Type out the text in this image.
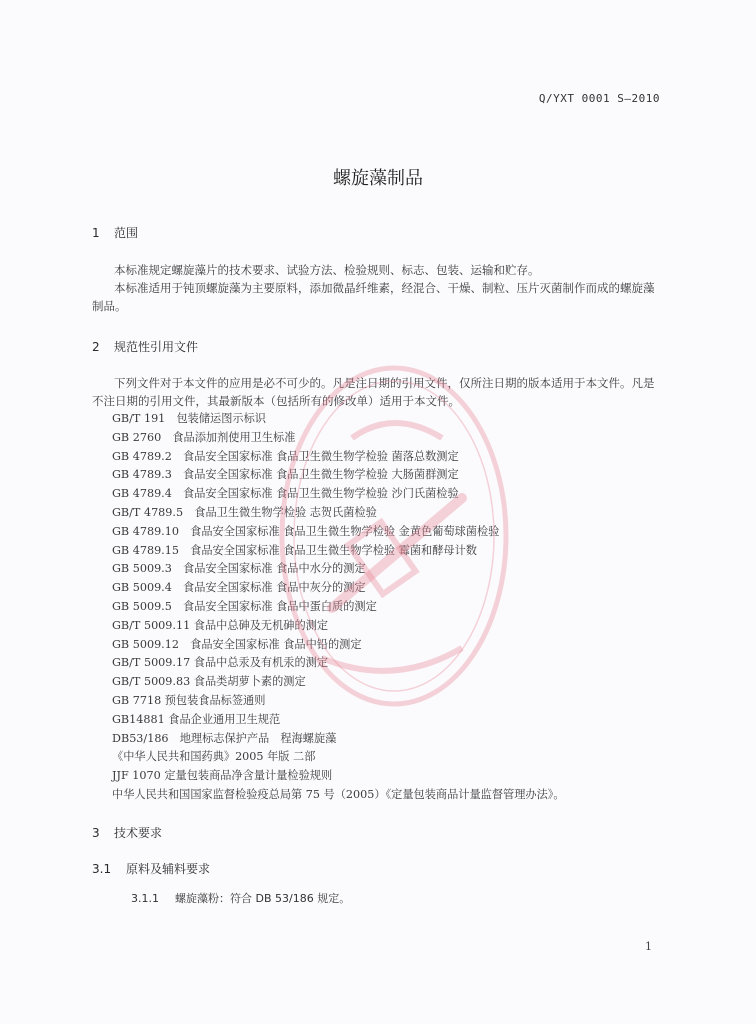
Q/YXT 0001 S—2010
螺旋藻制品
1 范围
本标准规定螺旋藻片的技术要求、试验方法、检验规则、标志、包装、运输和贮存。
本标准适用于钝顶螺旋藻为主要原料，添加微晶纤维素，经混合、干燥、制粒、压片灭菌制作而成的螺旋藻制品。
2 规范性引用文件
下列文件对于本文件的应用是必不可少的。凡是注日期的引用文件，仅所注日期的版本适用于本文件。凡是不注日期的引用文件，其最新版本（包括所有的修改单）适用于本文件。
GB/T 191　包装储运图示标识
GB 2760　食品添加剂使用卫生标准
GB 4789.2　食品安全国家标准 食品卫生微生物学检验 菌落总数测定
GB 4789.3　食品安全国家标准 食品卫生微生物学检验 大肠菌群测定
GB 4789.4　食品安全国家标准 食品卫生微生物学检验 沙门氏菌检验
GB/T 4789.5　食品卫生微生物学检验 志贺氏菌检验
GB 4789.10　食品安全国家标准 食品卫生微生物学检验 金黄色葡萄球菌检验
GB 4789.15　食品安全国家标准 食品卫生微生物学检验 霉菌和酵母计数
GB 5009.3　食品安全国家标准 食品中水分的测定
GB 5009.4　食品安全国家标准 食品中灰分的测定
GB 5009.5　食品安全国家标准 食品中蛋白质的测定
GB/T 5009.11 食品中总砷及无机砷的测定
GB 5009.12　食品安全国家标准 食品中铅的测定
GB/T 5009.17 食品中总汞及有机汞的测定
GB/T 5009.83 食品类胡萝卜素的测定
GB 7718 预包装食品标签通则
GB14881 食品企业通用卫生规范
DB53/186　地理标志保护产品　程海螺旋藻
《中华人民共和国药典》2005 年版 二部
JJF 1070 定量包装商品净含量计量检验规则
中华人民共和国国家监督检验疫总局第 75 号（2005）《定量包装商品计量监督管理办法》。
3 技术要求
3.1 原料及辅料要求
3.1.1 螺旋藻粉：符合 DB 53/186 规定。
1
